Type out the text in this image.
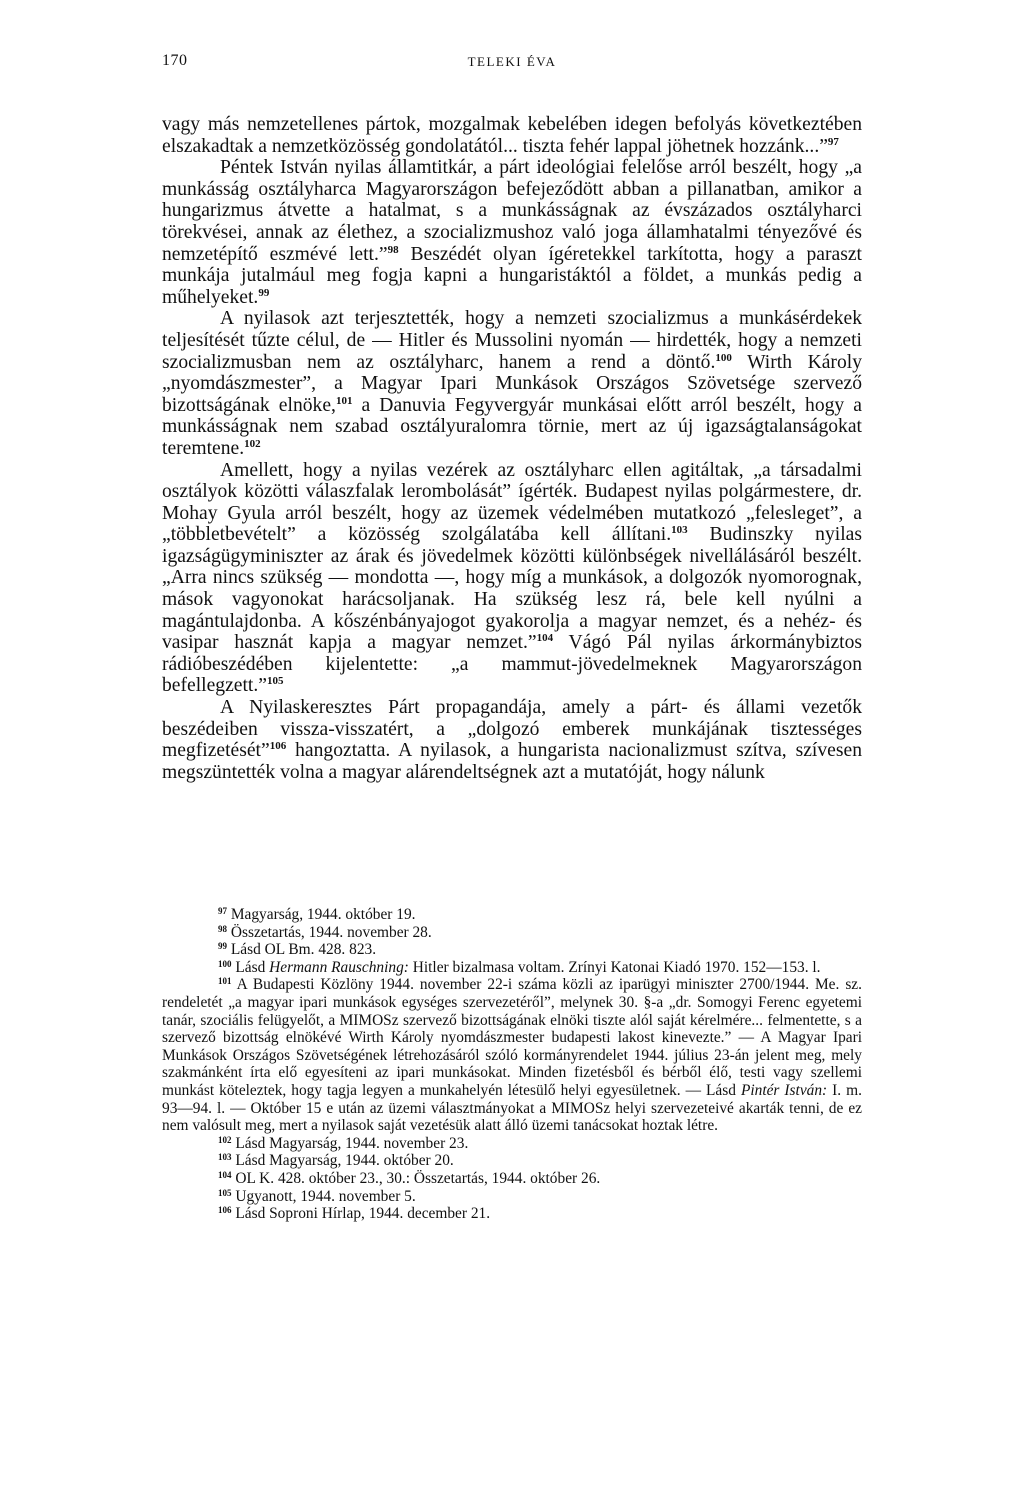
170	TELEKI ÉVA

vagy más nemzetellenes pártok, mozgalmak kebelében idegen befolyás következtében elszakadtak a nemzetközösség gondolatától... tiszta fehér lappal jöhetnek hozzánk...”$^{97}$

Péntek István nyilas államtitkár, a párt ideológiai felelőse arról beszélt, hogy „a munkásság osztályharca Magyarországon befejeződött abban a pillanatban, amikor a hungarizmus átvette a hatalmat, s a munkásságnak az évszázados osztályharci törekvései, annak az élethez, a szocializmushoz való joga államhatalmi tényezővé és nemzetépítő eszmévé lett.”$^{98}$ Beszédét olyan ígéretekkel tarkította, hogy a paraszt munkája jutalmául meg fogja kapni a hungaristáktól a földet, a munkás pedig a műhelyeket.$^{99}$

A nyilasok azt terjesztették, hogy a nemzeti szocializmus a munkásérdekek teljesítését tűzte célul, de — Hitler és Mussolini nyomán — hirdették, hogy a nemzeti szocializmusban nem az osztályharc, hanem a rend a döntő.$^{100}$ Wirth Károly „nyomdászmester”, a Magyar Ipari Munkások Országos Szövetsége szervező bizottságának elnöke,$^{101}$ a Danuvia Fegyvergyár munkásai előtt arról beszélt, hogy a munkásságnak nem szabad osztályuralomra törnie, mert az új igazságtalanságokat teremtene.$^{102}$

Amellett, hogy a nyilas vezérek az osztályharc ellen agitáltak, „a társadalmi osztályok közötti válaszfalak lerombolását” ígérték. Budapest nyilas polgármestere, dr. Mohay Gyula arról beszélt, hogy az üzemek védelmében mutatkozó „felesleget”, a „többletbevételt” a közösség szolgálatába kell állítani.$^{103}$ Budinszky nyilas igazságügyminiszter az árak és jövedelmek közötti különbségek nivellálásáról beszélt. „Arra nincs szükség — mondotta —, hogy míg a munkások, a dolgozók nyomorognak, mások vagyonokat harácsoljanak. Ha szükség lesz rá, bele kell nyúlni a magántulajdonba. A kőszénbányajogot gyakorolja a magyar nemzet, és a nehéz- és vasipar hasznát kapja a magyar nemzet.”$^{104}$ Vágó Pál nyilas árkormánybiztos rádióbeszédében kijelentette: „a mammut-jövedelmeknek Magyarországon befellegzett.”$^{105}$

A Nyilaskeresztes Párt propagandája, amely a párt- és állami vezetők beszédeiben vissza-visszatért, a „dolgozó emberek munkájának tisztességes megfizetését”$^{106}$ hangoztatta. A nyilasok, a hungarista nacionalizmust szítva, szívesen megszüntették volna a magyar alárendeltségnek azt a mutatóját, hogy nálunk

$^{97}$ Magyarság, 1944. október 19.

$^{98}$ Összetartás, 1944. november 28.

$^{99}$ Lásd OL Bm. 428. 823.

$^{100}$ Lásd Hermann Rauschning: Hitler bizalmasa voltam. Zrínyi Katonai Kiadó 1970. 152—153. l.

$^{101}$ A Budapesti Közlöny 1944. november 22-i száma közli az iparügyi miniszter 2700/1944. Me. sz. rendeletét „a magyar ipari munkások egységes szervezetéről”, melynek 30. §-a „dr. Somogyi Ferenc egyetemi tanár, szociális felügyelőt, a MIMOSz szervező bizottságának elnöki tiszte alól saját kérelmére... felmentette, s a szervező bizottság elnökévé Wirth Károly nyomdászmester budapesti lakost kinevezte.” — A Magyar Ipari Munkások Országos Szövetségének létrehozásáról szóló kormányrendelet 1944. július 23-án jelent meg, mely szakmánként írta elő egyesíteni az ipari munkásokat. Minden fizetésből és bérből élő, testi vagy szellemi munkást köteleztek, hogy tagja legyen a munkahelyén létesülő helyi egyesületnek. — Lásd Pintér István: I. m. 93—94. l. — Október 15 e után az üzemi választmányokat a MIMOSz helyi szervezeteivé akarták tenni, de ez nem valósult meg, mert a nyilasok saját vezetésük alatt álló üzemi tanácsokat hoztak létre.

$^{102}$ Lásd Magyarság, 1944. november 23.

$^{103}$ Lásd Magyarság, 1944. október 20.

$^{104}$ OL K. 428. október 23., 30.: Összetartás, 1944. október 26.

$^{105}$ Ugyanott, 1944. november 5.

$^{106}$ Lásd Soproni Hírlap, 1944. december 21.
